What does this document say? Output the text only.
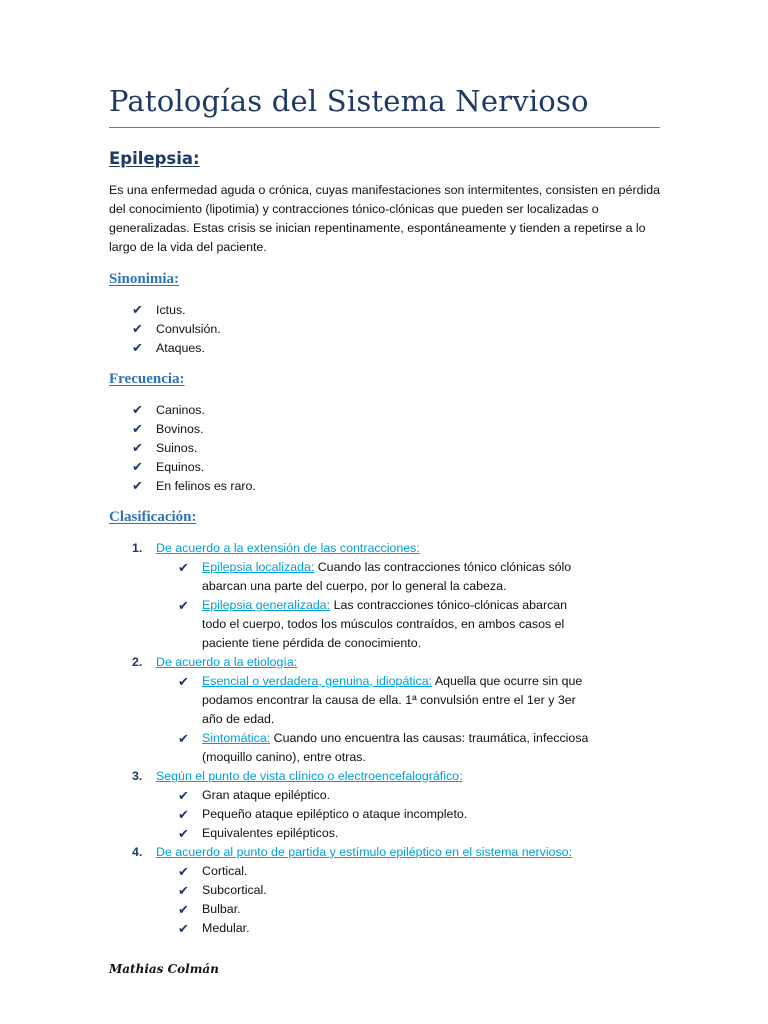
Patologías del Sistema Nervioso
Epilepsia:
Es una enfermedad aguda o crónica, cuyas manifestaciones son intermitentes, consisten en pérdida del conocimiento (lipotimia) y contracciones tónico-clónicas que pueden ser localizadas o generalizadas. Estas crisis se inician repentinamente, espontáneamente y tienden a repetirse a lo largo de la vida del paciente.
Sinonimia:
✔ Ictus.
✔ Convulsión.
✔ Ataques.
Frecuencia:
✔ Caninos.
✔ Bovinos.
✔ Suinos.
✔ Equinos.
✔ En felinos es raro.
Clasificación:
1. De acuerdo a la extensión de las contracciones:
✔	Epilepsia localizada: Cuando las contracciones tónico clónicas sólo abarcan una parte del cuerpo, por lo general la cabeza.
✔	Epilepsia generalizada: Las contracciones tónico-clónicas abarcan todo el cuerpo, todos los músculos contraídos, en ambos casos el paciente tiene pérdida de conocimiento.
2. De acuerdo a la etiología:
✔	Esencial o verdadera, genuina, idiopática: Aquella que ocurre sin que podamos encontrar la causa de ella. 1ª convulsión entre el 1er y 3er año de edad.
✔	Sintomática: Cuando uno encuentra las causas: traumática, infecciosa (moquillo canino), entre otras.
3. Según el punto de vista clínico o electroencefalográfico:
✔	Gran ataque epiléptico.
✔	Pequeño ataque epiléptico o ataque incompleto.
✔	Equivalentes epilépticos.
4. De acuerdo al punto de partida y estímulo epiléptico en el sistema nervioso:
✔	Cortical.
✔	Subcortical.
✔	Bulbar.
✔	Medular.
Mathias Colmán
